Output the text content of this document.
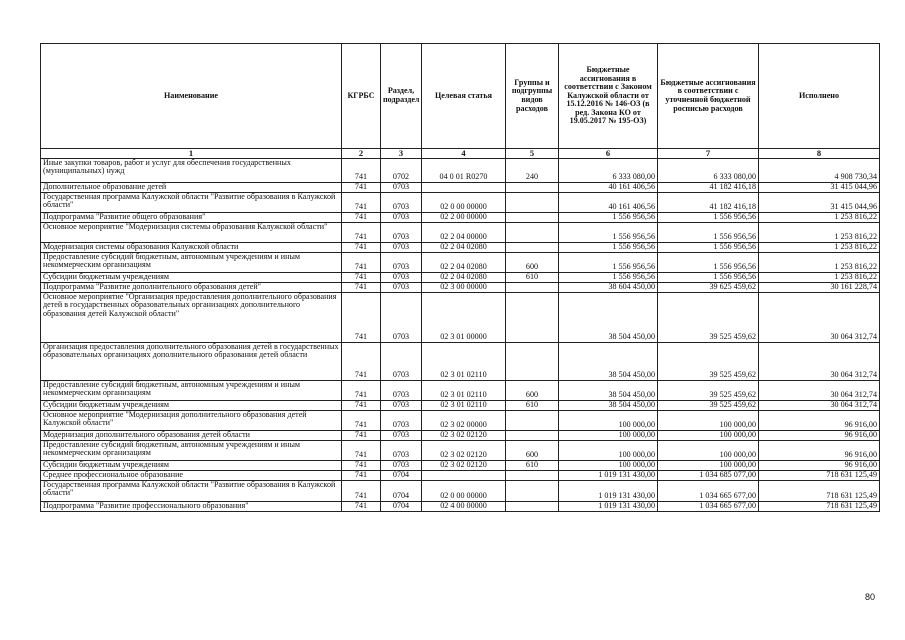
Наименование	КГРБС	Раздел, подраздел	Целевая статья	Группы и подгруппы видов расходов	Бюджетные ассигнования в соответствии с Законом Калужской области от 15.12.2016 № 146-ОЗ (в ред. Закона КО от 19.05.2017 № 195-ОЗ)	Бюджетные ассигнования в соответствии с уточненной бюджетной росписью расходов	Исполнено
1	2	3	4	5	6	7	8
Иные закупки товаров, работ и услуг для обеспечения государственных (муниципальных) нужд	741	0702	04 0 01 R0270	240	6 333 080,00	6 333 080,00	4 908 730,34
Дополнительное образование детей	741	0703			40 161 406,56	41 182 416,18	31 415 044,96
Государственная программа Калужской области "Развитие образования в Калужской области"	741	0703	02 0 00 00000		40 161 406,56	41 182 416,18	31 415 044,96
Подпрограмма "Развитие общего образования"	741	0703	02 2 00 00000		1 556 956,56	1 556 956,56	1 253 816,22
Основное мероприятие "Модернизация системы образования Калужской области"	741	0703	02 2 04 00000		1 556 956,56	1 556 956,56	1 253 816,22
Модернизация системы образования Калужской области	741	0703	02 2 04 02080		1 556 956,56	1 556 956,56	1 253 816,22
Предоставление субсидий бюджетным, автономным учреждениям и иным некоммерческим организациям	741	0703	02 2 04 02080	600	1 556 956,56	1 556 956,56	1 253 816,22
Субсидии бюджетным учреждениям	741	0703	02 2 04 02080	610	1 556 956,56	1 556 956,56	1 253 816,22
Подпрограмма "Развитие дополнительного образования детей"	741	0703	02 3 00 00000		38 604 450,00	39 625 459,62	30 161 228,74
Основное мероприятие "Организация предоставления дополнительного образования детей в государственных образовательных организациях дополнительного образования детей Калужской области"	741	0703	02 3 01 00000		38 504 450,00	39 525 459,62	30 064 312,74
Организация предоставления дополнительного образования детей в государственных образовательных организациях дополнительного образования детей области	741	0703	02 3 01 02110		38 504 450,00	39 525 459,62	30 064 312,74
Предоставление субсидий бюджетным, автономным учреждениям и иным некоммерческим организациям	741	0703	02 3 01 02110	600	38 504 450,00	39 525 459,62	30 064 312,74
Субсидии бюджетным учреждениям	741	0703	02 3 01 02110	610	38 504 450,00	39 525 459,62	30 064 312,74
Основное мероприятие "Модернизация дополнительного образования детей Калужской области"	741	0703	02 3 02 00000		100 000,00	100 000,00	96 916,00
Модернизация дополнительного образования детей области	741	0703	02 3 02 02120		100 000,00	100 000,00	96 916,00
Предоставление субсидий бюджетным, автономным учреждениям и иным некоммерческим организациям	741	0703	02 3 02 02120	600	100 000,00	100 000,00	96 916,00
Субсидии бюджетным учреждениям	741	0703	02 3 02 02120	610	100 000,00	100 000,00	96 916,00
Среднее профессиональное образование	741	0704			1 019 131 430,00	1 034 685 077,00	718 631 125,49
Государственная программа Калужской области "Развитие образования в Калужской области"	741	0704	02 0 00 00000		1 019 131 430,00	1 034 665 677,00	718 631 125,49
Подпрограмма "Развитие профессионального образования"	741	0704	02 4 00 00000		1 019 131 430,00	1 034 665 677,00	718 631 125,49
80
